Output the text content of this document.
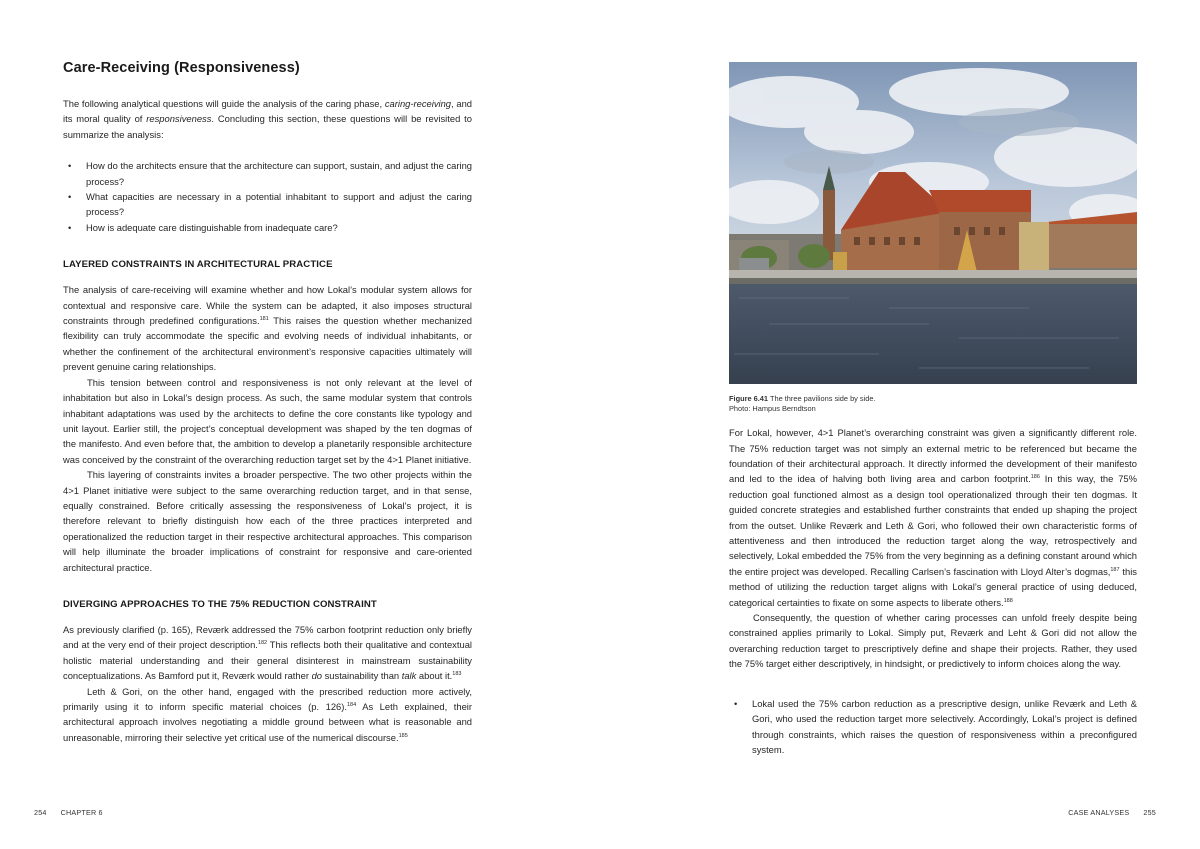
Care-Receiving (Responsiveness)

The following analytical questions will guide the analysis of the caring phase, caring-receiving, and its moral quality of responsiveness. Concluding this section, these questions will be revisited to summarize the analysis:

• How do the architects ensure that the architecture can support, sustain, and adjust the caring process?
• What capacities are necessary in a potential inhabitant to support and adjust the caring process?
• How is adequate care distinguishable from inadequate care?
LAYERED CONSTRAINTS IN ARCHITECTURAL PRACTICE

The analysis of care-receiving will examine whether and how Lokal’s modular system allows for contextual and responsive care. While the system can be adapted, it also imposes structural constraints through predefined configurations.$^{181}$ This raises the question whether mechanized flexibility can truly accommodate the specific and evolving needs of individual inhabitants, or whether the confinement of the architectural environment’s responsive capacities ultimately will prevent genuine caring relationships.

This tension between control and responsiveness is not only relevant at the level of inhabitation but also in Lokal’s design process. As such, the same modular system that controls inhabitant adaptations was used by the architects to define the core constants like typology and unit layout. Earlier still, the project’s conceptual development was shaped by the ten dogmas of the manifesto. And even before that, the ambition to develop a planetarily responsible architecture was conceived by the constraint of the overarching reduction target set by the 4>1 Planet initiative.

This layering of constraints invites a broader perspective. The two other projects within the 4>1 Planet initiative were subject to the same overarching reduction target, and in that sense, equally constrained. Before critically assessing the responsiveness of Lokal’s project, it is therefore relevant to briefly distinguish how each of the three practices interpreted and operationalized the reduction target in their respective architectural approaches. This comparison will help illuminate the broader implications of constraint for responsive and care-oriented architectural practice.

DIVERGING APPROACHES TO THE 75% REDUCTION CONSTRAINT

As previously clarified (p. 165), Reværk addressed the 75% carbon footprint reduction only briefly and at the very end of their project description.$^{182}$ This reflects both their qualitative and contextual holistic material understanding and their general disinterest in mainstream sustainability conceptualizations. As Bamford put it, Reværk would rather do sustainability than talk about it.$^{183}$

Leth & Gori, on the other hand, engaged with the prescribed reduction more actively, primarily using it to inform specific material choices (p. 126).$^{184}$ As Leth explained, their architectural approach involves negotiating a middle ground between what is reasonable and unreasonable, mirroring their selective yet critical use of the numerical discourse.$^{185}$

254 CHAPTER 6
Figure 6.41 The three pavilions side by side.
Photo: Hampus Berndtson

For Lokal, however, 4>1 Planet’s overarching constraint was given a significantly different role. The 75% reduction target was not simply an external metric to be referenced but became the foundation of their architectural approach. It directly informed the development of their manifesto and led to the idea of halving both living area and carbon footprint.$^{186}$ In this way, the 75% reduction goal functioned almost as a design tool operationalized through their ten dogmas. It guided concrete strategies and established further constraints that ended up shaping the project from the outset. Unlike Reværk and Leth & Gori, who followed their own characteristic forms of attentiveness and then introduced the reduction target along the way, retrospectively and selectively, Lokal embedded the 75% from the very beginning as a defining constant around which the entire project was developed. Recalling Carlsen’s fascination with Lloyd Alter’s dogmas,$^{187}$ this method of utilizing the reduction target aligns with Lokal’s general practice of using deduced, categorical certainties to fixate on some aspects to liberate others.$^{188}$

Consequently, the question of whether caring processes can unfold freely despite being constrained applies primarily to Lokal. Simply put, Reværk and Leht & Gori did not allow the overarching reduction target to prescriptively define and shape their projects. Rather, they used the 75% target either descriptively, in hindsight, or predictively to inform choices along the way.

• Lokal used the 75% carbon reduction as a prescriptive design, unlike Reværk and Leth & Gori, who used the reduction target more selectively. Accordingly, Lokal’s project is defined through constraints, which raises the question of responsiveness within a preconfigured system.
CASE ANALYSES 255
